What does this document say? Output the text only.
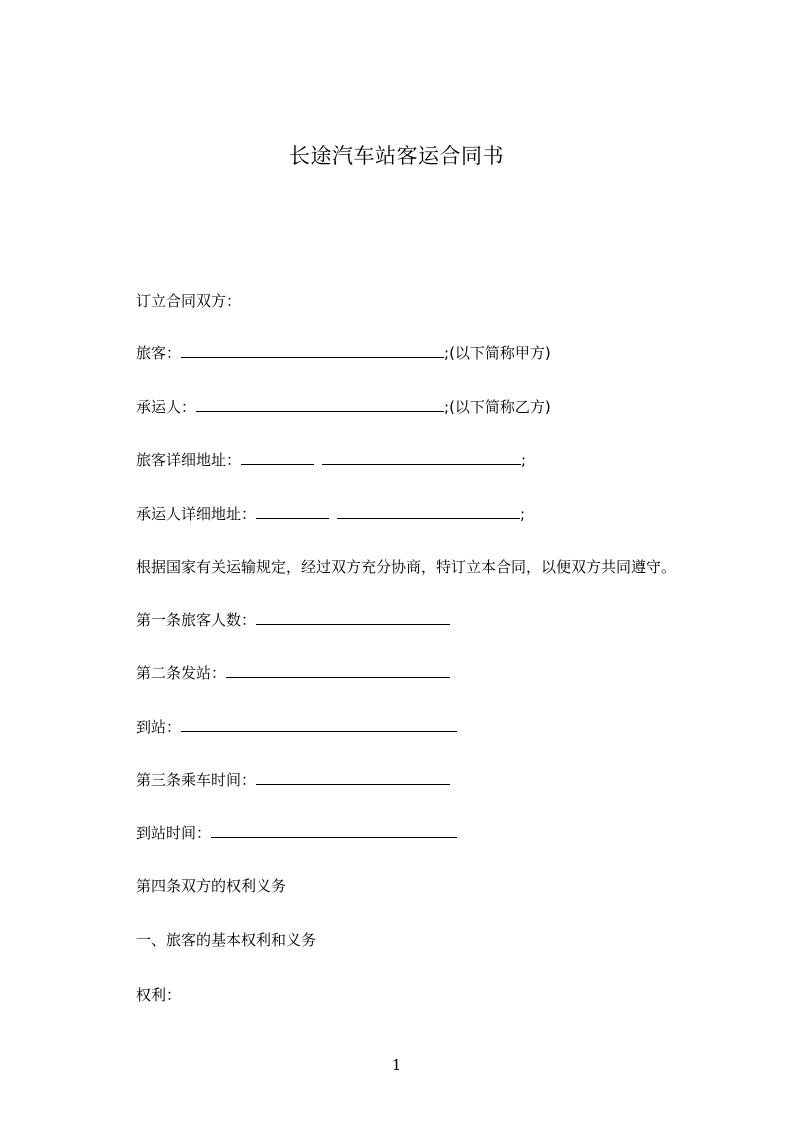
长途汽车站客运合同书
订立合同双方：
旅客：	;(以下简称甲方)
承运人：	;(以下简称乙方)
旅客详细地址：	;
承运人详细地址：	;
根据国家有关运输规定，经过双方充分协商，特订立本合同，以便双方共同遵守。
第一条旅客人数：
第二条发站：
到站：
第三条乘车时间：
到站时间：
第四条双方的权利义务
一、旅客的基本权利和义务
权利：
1
